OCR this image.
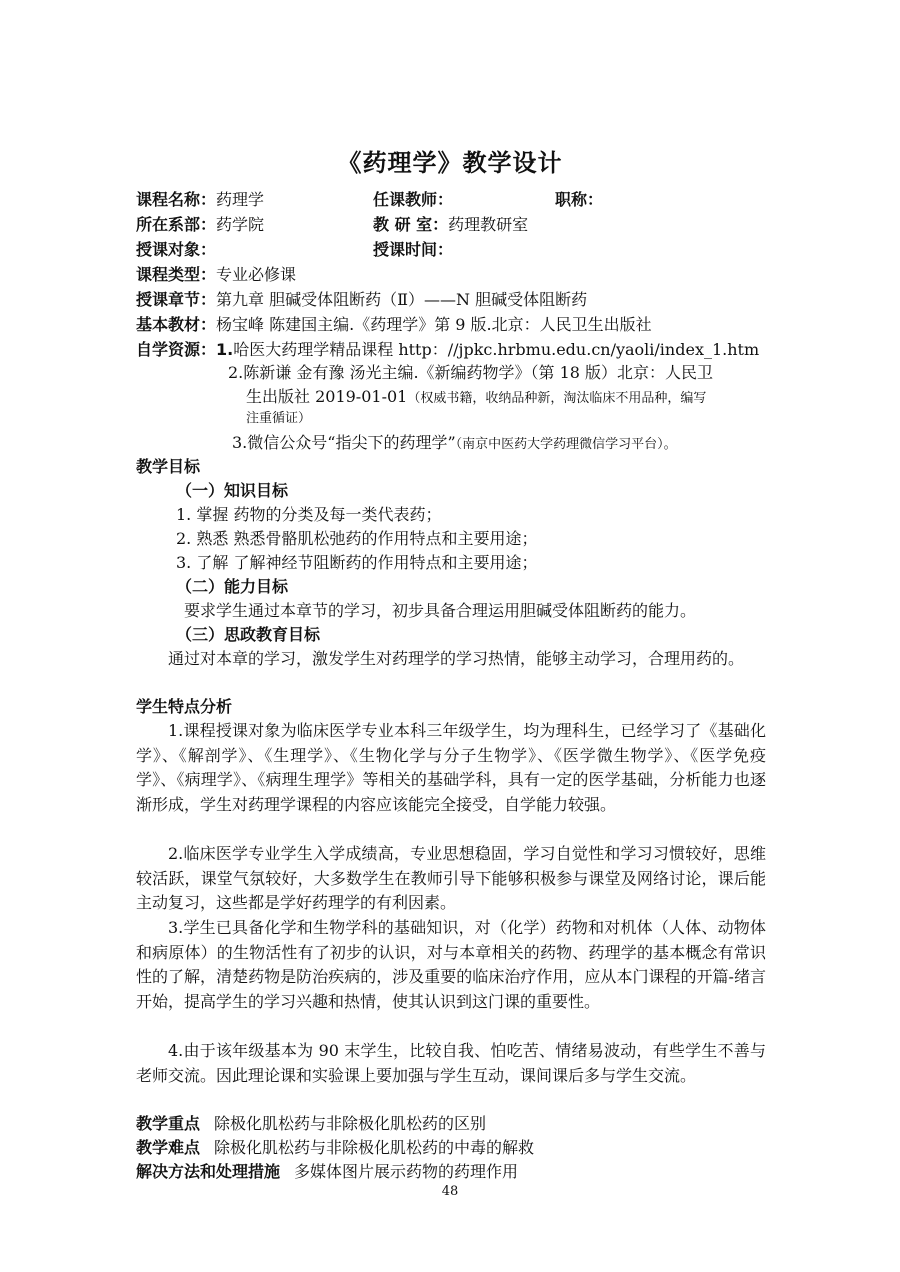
《药理学》教学设计
课程名称：药理学	任课教师：	职称：
所在系部：药学院	教 研 室：药理教研室
授课对象：	授课时间：
课程类型：专业必修课
授课章节：第九章 胆碱受体阻断药（Ⅱ）——N 胆碱受体阻断药
基本教材：杨宝峰 陈建国主编.《药理学》第 9 版.北京：人民卫生出版社
自学资源：1.哈医大药理学精品课程 http：//jpkc.hrbmu.edu.cn/yaoli/index_1.htm
2.陈新谦 金有豫 汤光主编.《新编药物学》（第 18 版）北京：人民卫
生出版社 2019-01-01（权威书籍，收纳品种新，淘汰临床不用品种，编写
注重循证）
3.微信公众号“指尖下的药理学”（南京中医药大学药理微信学习平台）。
教学目标
（一）知识目标
1. 掌握 药物的分类及每一类代表药；
2. 熟悉 熟悉骨骼肌松弛药的作用特点和主要用途；
3. 了解 了解神经节阻断药的作用特点和主要用途；
（二）能力目标
要求学生通过本章节的学习，初步具备合理运用胆碱受体阻断药的能力。
（三）思政教育目标
通过对本章的学习，激发学生对药理学的学习热情，能够主动学习，合理用药的。
学生特点分析
1.课程授课对象为临床医学专业本科三年级学生，均为理科生，已经学习了《基础化学》、《解剖学》、《生理学》、《生物化学与分子生物学》、《医学微生物学》、《医学免疫学》、《病理学》、《病理生理学》等相关的基础学科，具有一定的医学基础，分析能力也逐渐形成，学生对药理学课程的内容应该能完全接受，自学能力较强。
2.临床医学专业学生入学成绩高，专业思想稳固，学习自觉性和学习习惯较好，思维较活跃，课堂气氛较好，大多数学生在教师引导下能够积极参与课堂及网络讨论，课后能主动复习，这些都是学好药理学的有利因素。
3.学生已具备化学和生物学科的基础知识，对（化学）药物和对机体（人体、动物体和病原体）的生物活性有了初步的认识，对与本章相关的药物、药理学的基本概念有常识性的了解，清楚药物是防治疾病的，涉及重要的临床治疗作用，应从本门课程的开篇-绪言开始，提高学生的学习兴趣和热情，使其认识到这门课的重要性。
4.由于该年级基本为 90 末学生，比较自我、怕吃苦、情绪易波动，有些学生不善与老师交流。因此理论课和实验课上要加强与学生互动，课间课后多与学生交流。
教学重点 除极化肌松药与非除极化肌松药的区别
教学难点 除极化肌松药与非除极化肌松药的中毒的解救
解决方法和处理措施 多媒体图片展示药物的药理作用
48
